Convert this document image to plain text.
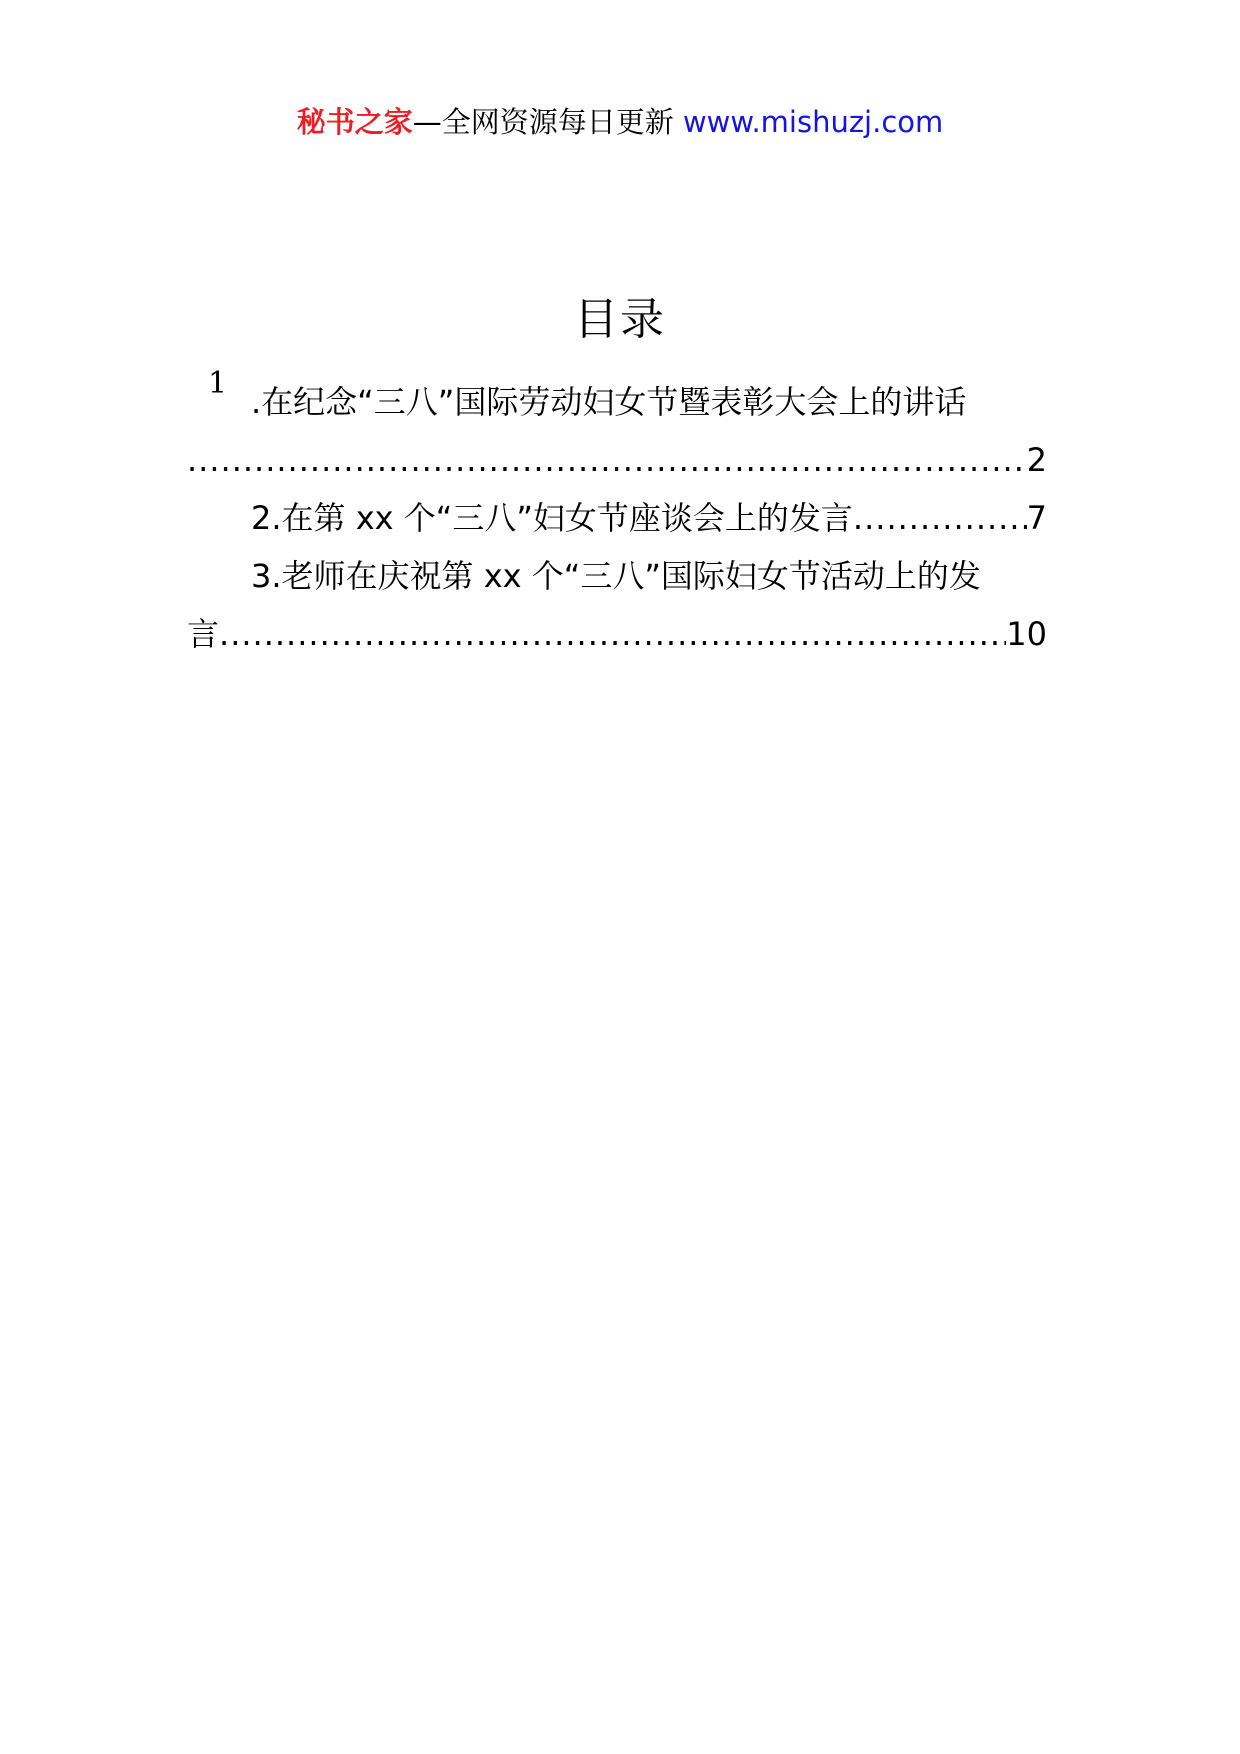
秘书之家—全网资源每日更新 www.mishuzj.com
目录
1 .在纪念“三八”国际劳动妇女节暨表彰大会上的讲话
.....
2
2.在第 xx 个“三八”妇女节座谈会上的发言 .....	7
3.老师在庆祝第 xx 个“三八”国际妇女节活动上的发
言 .....	10
